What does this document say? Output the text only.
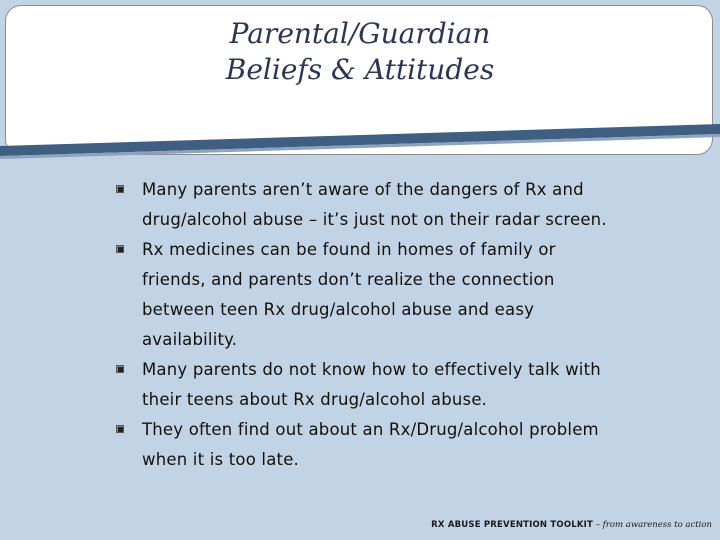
Parental/Guardian
Beliefs & Attitudes
Many parents aren’t aware of the dangers of Rx and drug/alcohol abuse – it’s just not on their radar screen.
Rx medicines can be found in homes of family or friends, and parents don’t realize the connection between teen Rx drug/alcohol abuse and easy availability.
Many parents do not know how to effectively talk with their teens about Rx drug/alcohol abuse.
They often find out about an Rx/Drug/alcohol problem when it is too late.
RX ABUSE PREVENTION TOOLKIT – from awareness to action
